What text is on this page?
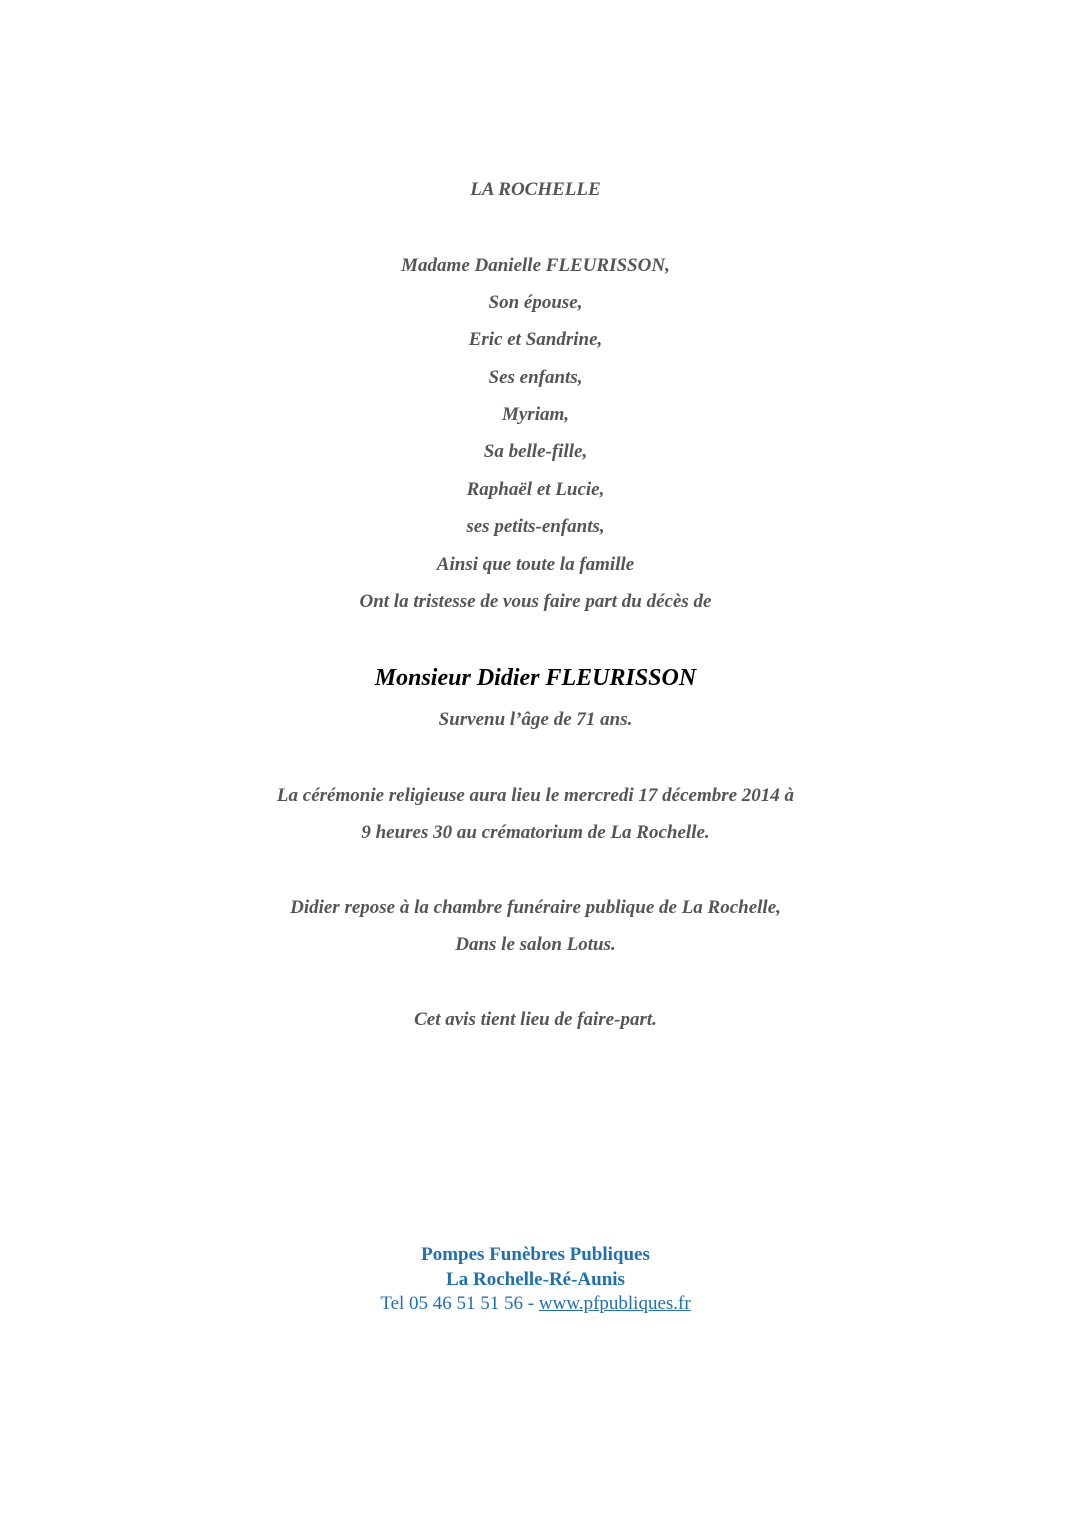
LA ROCHELLE
Madame Danielle FLEURISSON,
Son épouse,
Eric et Sandrine,
Ses enfants,
Myriam,
Sa belle-fille,
Raphaël et Lucie,
ses petits-enfants,
Ainsi que toute la famille
Ont la tristesse de vous faire part du décès de
Monsieur Didier FLEURISSON
Survenu l’âge de 71 ans.
La cérémonie religieuse aura lieu le mercredi 17 décembre 2014 à
9 heures 30 au crématorium de La Rochelle.
Didier repose à la chambre funéraire publique de La Rochelle,
Dans le salon Lotus.
Cet avis tient lieu de faire-part.
Pompes Funèbres Publiques
La Rochelle-Ré-Aunis
Tel 05 46 51 51 56 - www.pfpubliques.fr
